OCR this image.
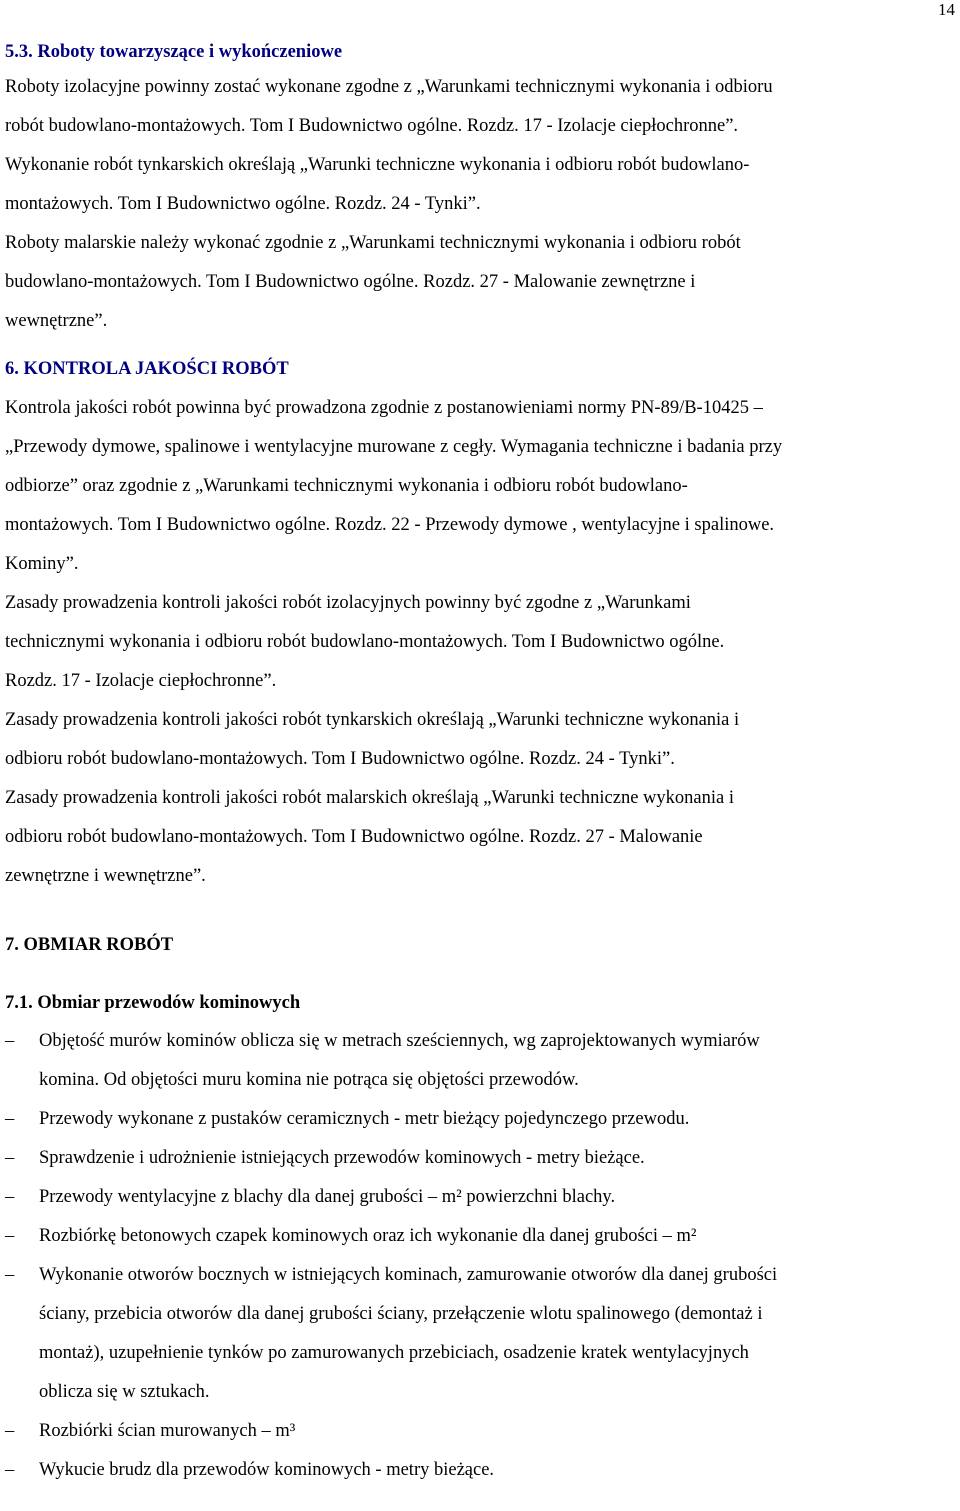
14
5.3. Roboty towarzyszące i wykończeniowe
Roboty izolacyjne powinny zostać wykonane zgodne z „Warunkami technicznymi wykonania i odbioru
robót budowlano-montażowych. Tom I Budownictwo ogólne. Rozdz. 17 - Izolacje ciepłochronne”.
Wykonanie robót tynkarskich określają „Warunki techniczne wykonania i odbioru robót budowlano-
montażowych. Tom I Budownictwo ogólne. Rozdz. 24 - Tynki”.
Roboty malarskie należy wykonać zgodnie z „Warunkami technicznymi wykonania i odbioru robót
budowlano-montażowych. Tom I Budownictwo ogólne. Rozdz. 27 - Malowanie zewnętrzne i
wewnętrzne”.
6. KONTROLA JAKOŚCI ROBÓT
Kontrola jakości robót powinna być prowadzona zgodnie z postanowieniami normy PN-89/B-10425 –
„Przewody dymowe, spalinowe i wentylacyjne murowane z cegły. Wymagania techniczne i badania przy
odbiorze” oraz zgodnie z „Warunkami technicznymi wykonania i odbioru robót budowlano-
montażowych. Tom I Budownictwo ogólne. Rozdz. 22 - Przewody dymowe , wentylacyjne i spalinowe.
Kominy”.
Zasady prowadzenia kontroli jakości robót izolacyjnych powinny być zgodne z „Warunkami
technicznymi wykonania i odbioru robót budowlano-montażowych. Tom I Budownictwo ogólne.
Rozdz. 17 - Izolacje ciepłochronne”.
Zasady prowadzenia kontroli jakości robót tynkarskich określają „Warunki techniczne wykonania i
odbioru robót budowlano-montażowych. Tom I Budownictwo ogólne. Rozdz. 24 - Tynki”.
Zasady prowadzenia kontroli jakości robót malarskich określają „Warunki techniczne wykonania i
odbioru robót budowlano-montażowych. Tom I Budownictwo ogólne. Rozdz. 27 - Malowanie
zewnętrzne i wewnętrzne”.
7. OBMIAR ROBÓT
7.1. Obmiar przewodów kominowych
–	Objętość murów kominów oblicza się w metrach sześciennych, wg zaprojektowanych wymiarów
komina. Od objętości muru komina nie potrąca się objętości przewodów.
–	Przewody wykonane z pustaków ceramicznych - metr bieżący pojedynczego przewodu.
–	Sprawdzenie i udrożnienie istniejących przewodów kominowych - metry bieżące.
–	Przewody wentylacyjne z blachy dla danej grubości – m² powierzchni blachy.
–	Rozbiórkę betonowych czapek kominowych oraz ich wykonanie dla danej grubości – m²
–	Wykonanie otworów bocznych w istniejących kominach, zamurowanie otworów dla danej grubości
ściany, przebicia otworów dla danej grubości ściany, przełączenie wlotu spalinowego (demontaż i
montaż), uzupełnienie tynków po zamurowanych przebiciach, osadzenie kratek wentylacyjnych
oblicza się w sztukach.
–	Rozbiórki ścian murowanych – m³
–	Wykucie brudz dla przewodów kominowych - metry bieżące.
